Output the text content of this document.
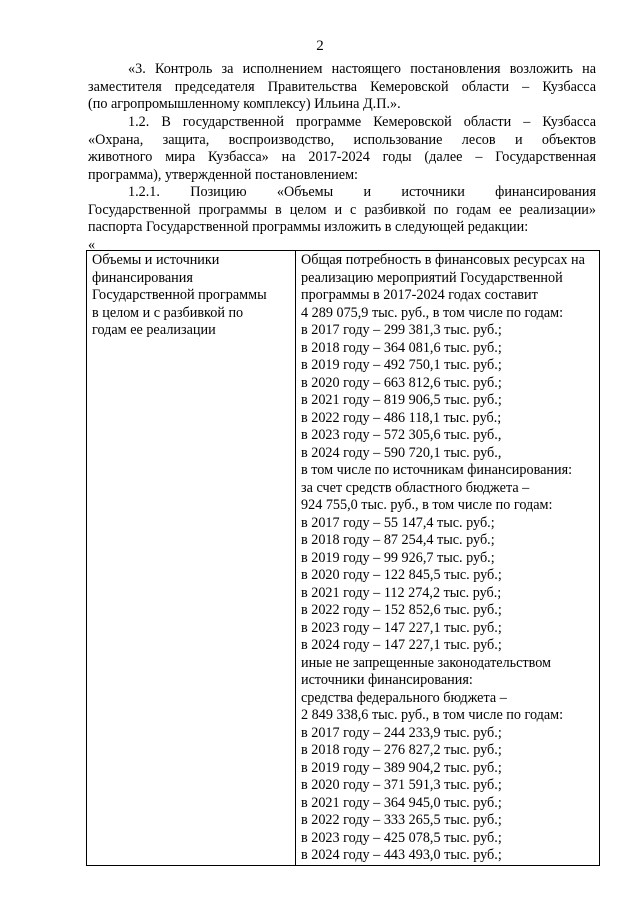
2
«3. Контроль за исполнением настоящего постановления возложить на
заместителя председателя Правительства Кемеровской области – Кузбасса
(по агропромышленному комплексу) Ильина Д.П.».
1.2. В государственной программе Кемеровской области – Кузбасса
«Охрана, защита, воспроизводство, использование лесов и объектов
животного мира Кузбасса» на 2017-2024 годы (далее – Государственная
программа), утвержденной постановлением:
1.2.1. Позицию «Объемы и источники финансирования
Государственной программы в целом и с разбивкой по годам ее реализации»
паспорта Государственной программы изложить в следующей редакции:
«
Объемы и источники
финансирования
Государственной программы
в целом и с разбивкой по
годам ее реализации

Общая потребность в финансовых ресурсах на
реализацию мероприятий Государственной
программы в 2017-2024 годах составит
4 289 075,9 тыс. руб., в том числе по годам:
в 2017 году – 299 381,3 тыс. руб.;
в 2018 году – 364 081,6 тыс. руб.;
в 2019 году – 492 750,1 тыс. руб.;
в 2020 году – 663 812,6 тыс. руб.;
в 2021 году – 819 906,5 тыс. руб.;
в 2022 году – 486 118,1 тыс. руб.;
в 2023 году – 572 305,6 тыс. руб.,
в 2024 году – 590 720,1 тыс. руб.,
в том числе по источникам финансирования:
за счет средств областного бюджета –
924 755,0 тыс. руб., в том числе по годам:
в 2017 году – 55 147,4 тыс. руб.;
в 2018 году – 87 254,4 тыс. руб.;
в 2019 году – 99 926,7 тыс. руб.;
в 2020 году – 122 845,5 тыс. руб.;
в 2021 году – 112 274,2 тыс. руб.;
в 2022 году – 152 852,6 тыс. руб.;
в 2023 году – 147 227,1 тыс. руб.;
в 2024 году – 147 227,1 тыс. руб.;
иные не запрещенные законодательством
источники финансирования:
средства федерального бюджета –
2 849 338,6 тыс. руб., в том числе по годам:
в 2017 году – 244 233,9 тыс. руб.;
в 2018 году – 276 827,2 тыс. руб.;
в 2019 году – 389 904,2 тыс. руб.;
в 2020 году – 371 591,3 тыс. руб.;
в 2021 году – 364 945,0 тыс. руб.;
в 2022 году – 333 265,5 тыс. руб.;
в 2023 году – 425 078,5 тыс. руб.;
в 2024 году – 443 493,0 тыс. руб.;
